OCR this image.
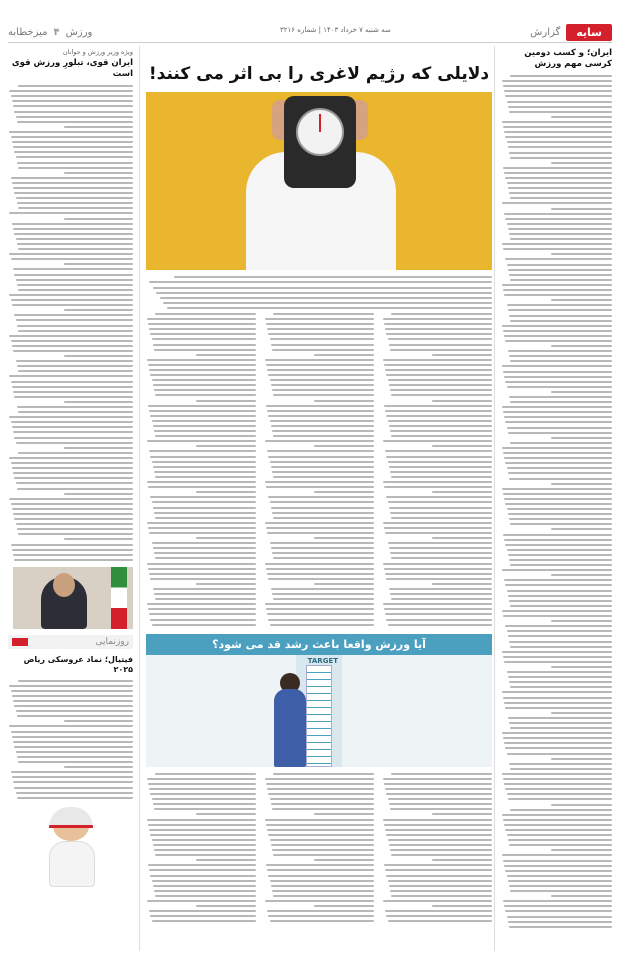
سایه
گزارش
ورزش
۴
میزخطابه	سه شنبه ۷ خرداد ۱۴۰۳ | شماره ۳۲۱۶
ایران؛ و کسب دومین کرسی مهم ورزش
دلایلی که رژیم لاغری را بی اثر می کنند!
آیا ورزش واقعا باعث رشد قد می شود؟
TARGET
ویژه وزیر ورزش و جوانان
ایران قوی، تبلورِ ورزش قوی است
روزنمایی
فیتیال؛ نماد عروسکی ریاض ۲۰۲۵
